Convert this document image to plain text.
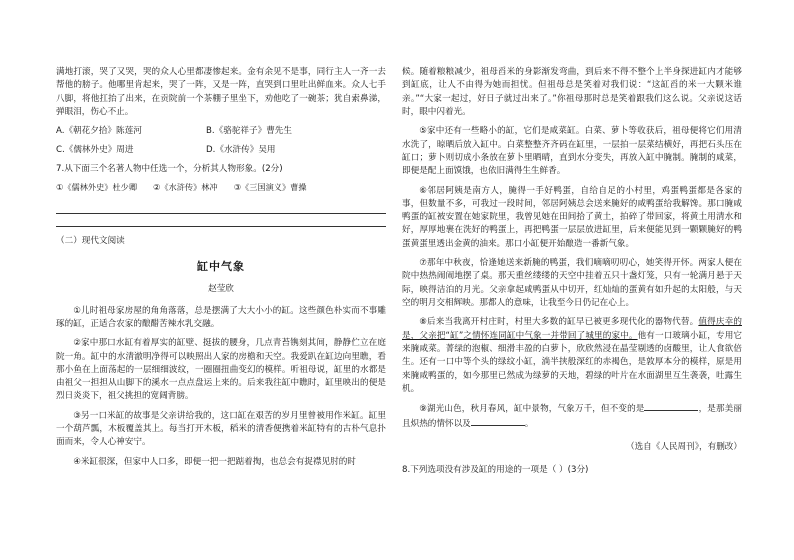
满地打滚，哭了又哭，哭的众人心里都凄惨起来。金有余见不是事，同行主人一齐一去帮他的膀子。他哪里肯起来，哭了一阵，又是一阵，直哭到口里吐出鲜血来。众人七手八脚，将他扛抬了出来，在贡院前一个茶棚子里坐下，劝他吃了一碗茶；犹自索鼻涕，弹眼泪，伤心不止。

A.《朝花夕拾》陈莲河	B.《骆驼祥子》曹先生
C.《儒林外史》周进	D.《水浒传》吴用

7.从下面三个名著人物中任选一个，分析其人物形象。(2分)

①《儒林外史》杜少卿 ②《水浒传》林冲 ③《三国演义》曹操

（二）现代文阅读

缸中气象
赵莹欣

①儿时祖母家房屋的角角落落，总是摆满了大大小小的缸。这些颜色朴实而不事雕琢的缸，正适合农家的酿醋苦辣水乳交融。

②家中那口水缸有着厚实的缸壁、挺拔的腰身，几点青苔镌刻其间，静静伫立在庭院一角。缸中的水清澈明净得可以映照出人家的房檐和天空。我爱趴在缸边向里瞧，看那小鱼在上面荡起的一层细细波纹，一圈圈扭曲变幻的模样。听祖母说，缸里的水都是由祖父一担担从山脚下的溪水一点点盘运上来的。后来我往缸中瞧时，缸里映出的便是烈日炎炎下，祖父挑担的宽阔背膀。

③另一口米缸的故事是父亲讲给我的，这口缸在艰苦的岁月里曾被用作米缸。缸里一个葫芦瓢，木板覆盖其上。每当打开木板，稻米的清香便携着米缸特有的古朴气息扑面而来，令人心神安宁。

④米缸很深，但家中人口多，即便一把一把踮着掏，也总会有捉襟见肘的时

候。随着粮粮减少，祖母舀米的身影渐发弯曲，到后来不得不整个上半身探进缸内才能够到缸底，让人不由得为她而担忧。但祖母总是笑着对我们说：“这缸舀的米一大颗米谁亲。”“大家一起过，好日子就过出来了。”你祖母那时总是笑着跟我们这么说。父亲说这话时，眼中闪着光。

⑤家中还有一些略小的缸，它们是咸菜缸。白菜、萝卜等收获后，祖母便将它们用清水洗了，晾晒后放入缸中。白菜整整齐齐码在缸里，一层拍一层菜结横好，再把石头压在缸口；萝卜则切成小条放在萝卜里晒晴，直到水分变失，再放入缸中腌制。腌制的咸菜，即便是配上面馍饿，也依旧满得生生鲜香。

⑥邻居阿姨是南方人，腌得一手好鸭蛋，自给自足的小村里，鸡蛋鸭蛋都是各家的事，但数量不多，可我过一段时间，邻居阿姨总会送来腌好的咸鸭蛋给我解馋。那口腌咸鸭蛋的缸被安置在她家院里，我曾见她在田间拾了黄土，拍碎了带回家，将黄土用清水和好，厚厚地裹在洗好的鸭蛋上，再把鸭蛋一层层放进缸里，后来便能见到一颗颗腌好的鸭蛋黄蛋里透出金黄的油来。那口小缸便开始酿造一番新气象。

⑦那年中秋夜，恰逢她送来新腌的鸭蛋，我们嘀嘀叨叨心，她笑得开怀。两家人便在院中热热闹闹地摆了桌。那天重丝缕缕的天空中挂着五只十盏灯笼，只有一轮满月悬于天际，映得洁泊的月光。父亲拿起咸鸭蛋从中切开，红灿灿的蛋黄有如升起的太阳般，与天空的明月交相辉映。那都人的意味，让我至今日仍记在心上。

⑧后来当我离开村庄时，村里大多数的缸早已被更多现代化的器物代替。值得庆幸的是，父亲把“缸”之情怀连同缸中气象一并带回了城里的家中。他有一口玻璃小缸，专用它来腌咸菜。菁绿的泡椒、细滑丰盈的白萝卜，欣欣然浸在晶莹剔透的卤酸里，让人食欲倍生。还有一口中等个头的绿纹小缸，淌半挟般深红的赤褐色，是敦厚本分的模样，原是用来腌咸鸭蛋的，如今那里已然成为绿萝的天地，碧绿的叶片在水面湖里互生袭袭，吐露生机。

⑨湖光山色，秋月春风，缸中景物，气象万千，但不变的是	，是那美丽且炽热的情怀以及	。

（选自《人民周刊》，有删改）

8.下列选项没有涉及缸的用途的一项是（ ）(3分)
